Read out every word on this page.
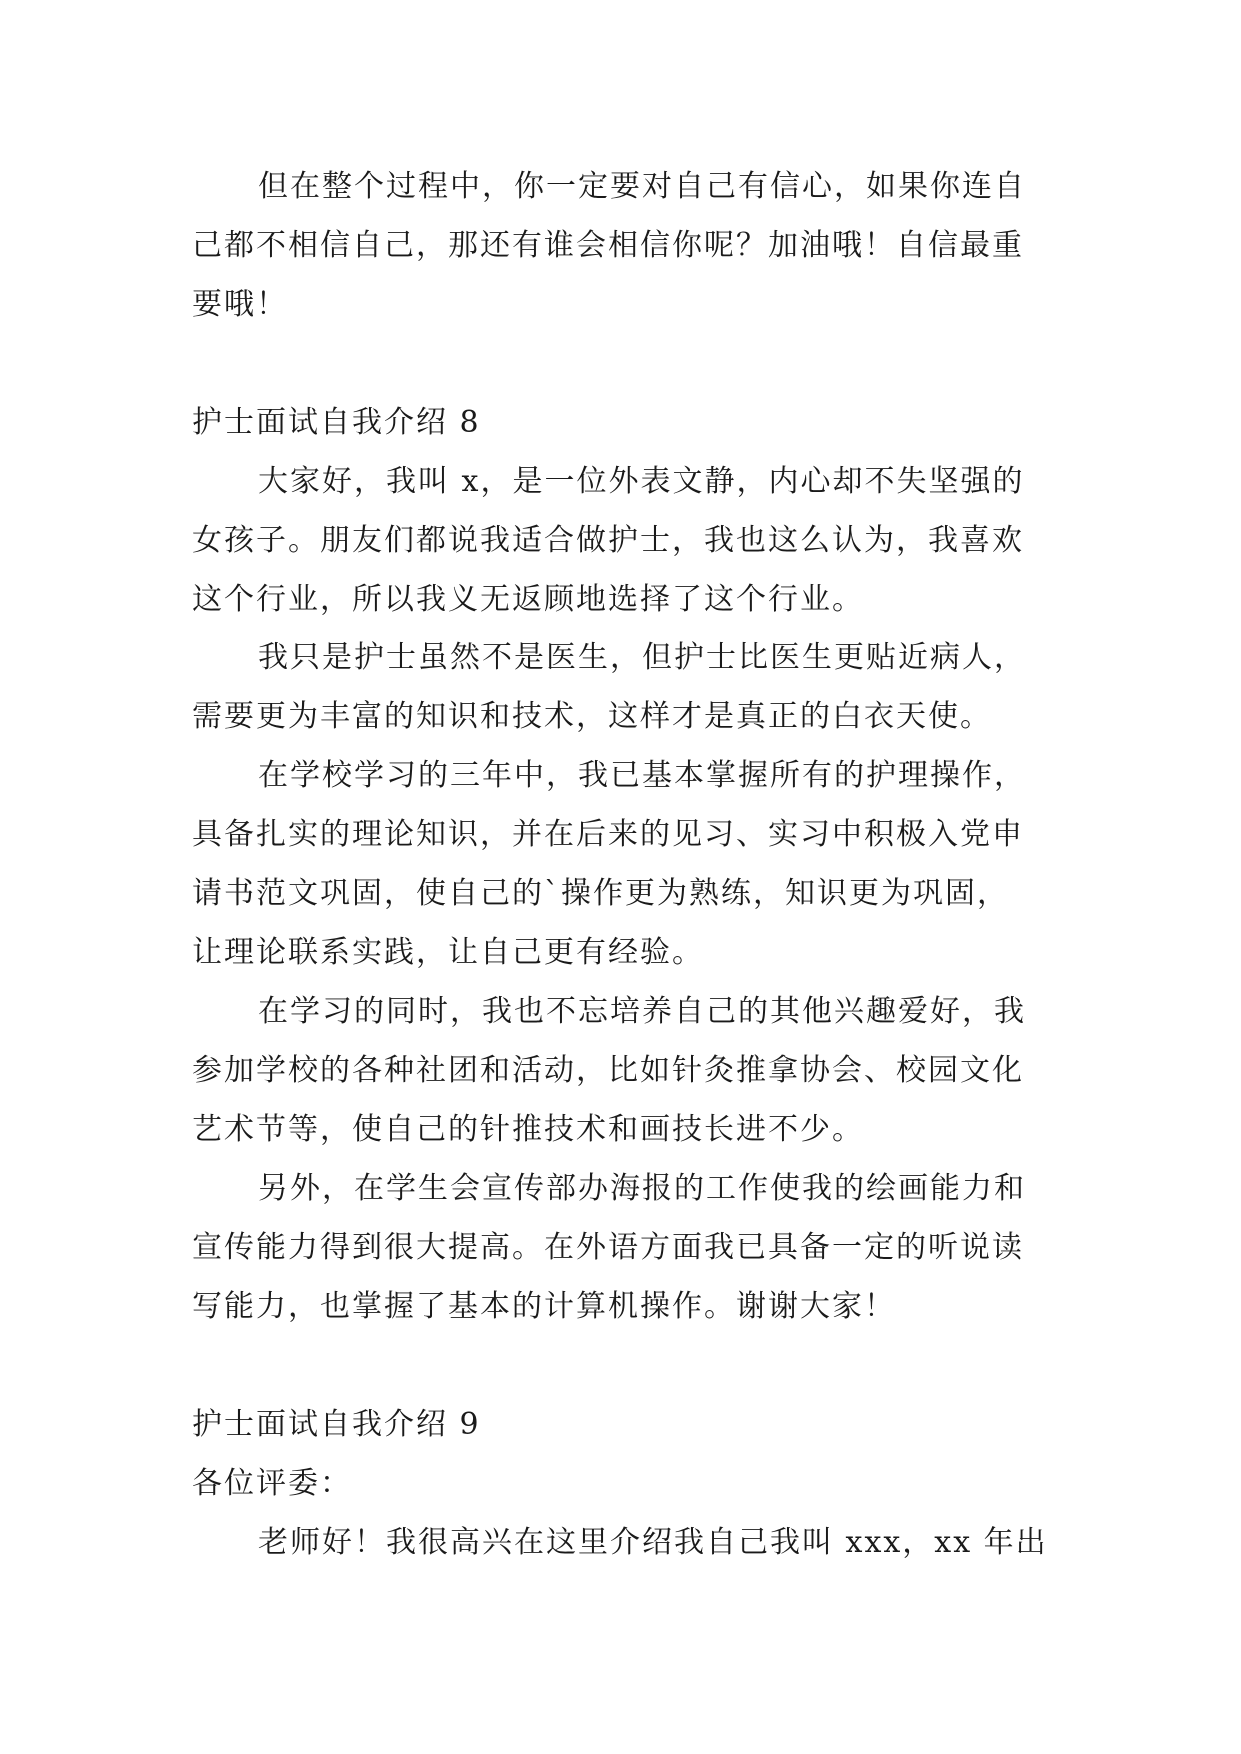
但在整个过程中，你一定要对自己有信心，如果你连自
己都不相信自己，那还有谁会相信你呢？加油哦！自信最重
要哦！
护士面试自我介绍 8
大家好，我叫 x，是一位外表文静，内心却不失坚强的
女孩子。朋友们都说我适合做护士，我也这么认为，我喜欢
这个行业，所以我义无返顾地选择了这个行业。
我只是护士虽然不是医生，但护士比医生更贴近病人，
需要更为丰富的知识和技术，这样才是真正的白衣天使。
在学校学习的三年中，我已基本掌握所有的护理操作，
具备扎实的理论知识，并在后来的见习、实习中积极入党申
请书范文巩固，使自己的`操作更为熟练，知识更为巩固，
让理论联系实践，让自己更有经验。
在学习的同时，我也不忘培养自己的其他兴趣爱好，我
参加学校的各种社团和活动，比如针灸推拿协会、校园文化
艺术节等，使自己的针推技术和画技长进不少。
另外，在学生会宣传部办海报的工作使我的绘画能力和
宣传能力得到很大提高。在外语方面我已具备一定的听说读
写能力，也掌握了基本的计算机操作。谢谢大家！
护士面试自我介绍 9
各位评委：
老师好！我很高兴在这里介绍我自己我叫 xxx，xx 年出
